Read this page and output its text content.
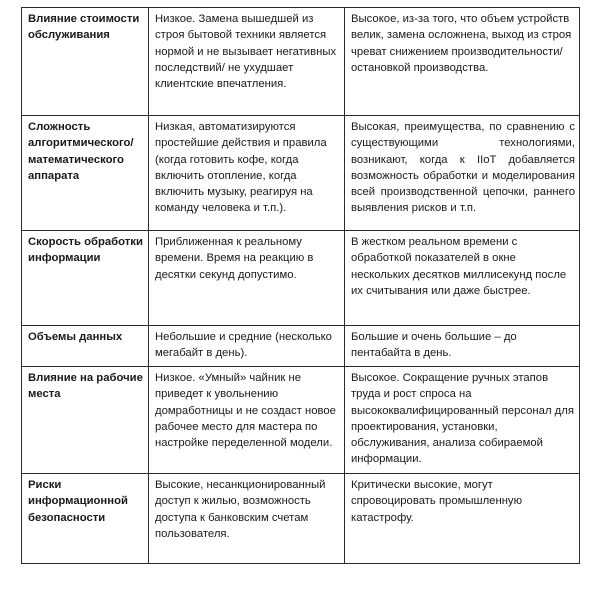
Влияние стоимости обслуживания	Низкое. Замена вышедшей из строя бытовой техники является нормой и не вызывает негативных последствий/ не ухудшает клиентские впечатления.	Высокое, из-за того, что объем устройств велик, замена осложнена, выход из строя чреват снижением производительности/остановкой производства.
Сложность алгоритмического/ математического аппарата	Низкая, автоматизируются простейшие действия и правила (когда готовить кофе, когда включить отопление, когда включить музыку, реагируя на команду человека и т.п.).	Высокая, преимущества, по сравнению с существующими технологиями, возникают, когда к IIoT добавляется возможность обработки и моделирования всей производственной цепочки, раннего выявления рисков и т.п.
Скорость обработки информации	Приближенная к реальному времени. Время на реакцию в десятки секунд допустимо.	В жестком реальном времени с обработкой показателей в окне нескольких десятков миллисекунд после их считывания или даже быстрее.
Объемы данных	Небольшие и средние (несколько мегабайт в день).	Большие и очень большие – до пентабайта в день.
Влияние на рабочие места	Низкое. «Умный» чайник не приведет к увольнению домработницы и не создаст новое рабочее место для мастера по настройке переделенной модели.	Высокое. Сокращение ручных этапов труда и рост спроса на высококвалифицированный персонал для проектирования, установки, обслуживания, анализа собираемой информации.
Риски информационной безопасности	Высокие, несанкционированный доступ к жилью, возможность доступа к банковским счетам пользователя.	Критически высокие, могут спровоцировать промышленную катастрофу.
